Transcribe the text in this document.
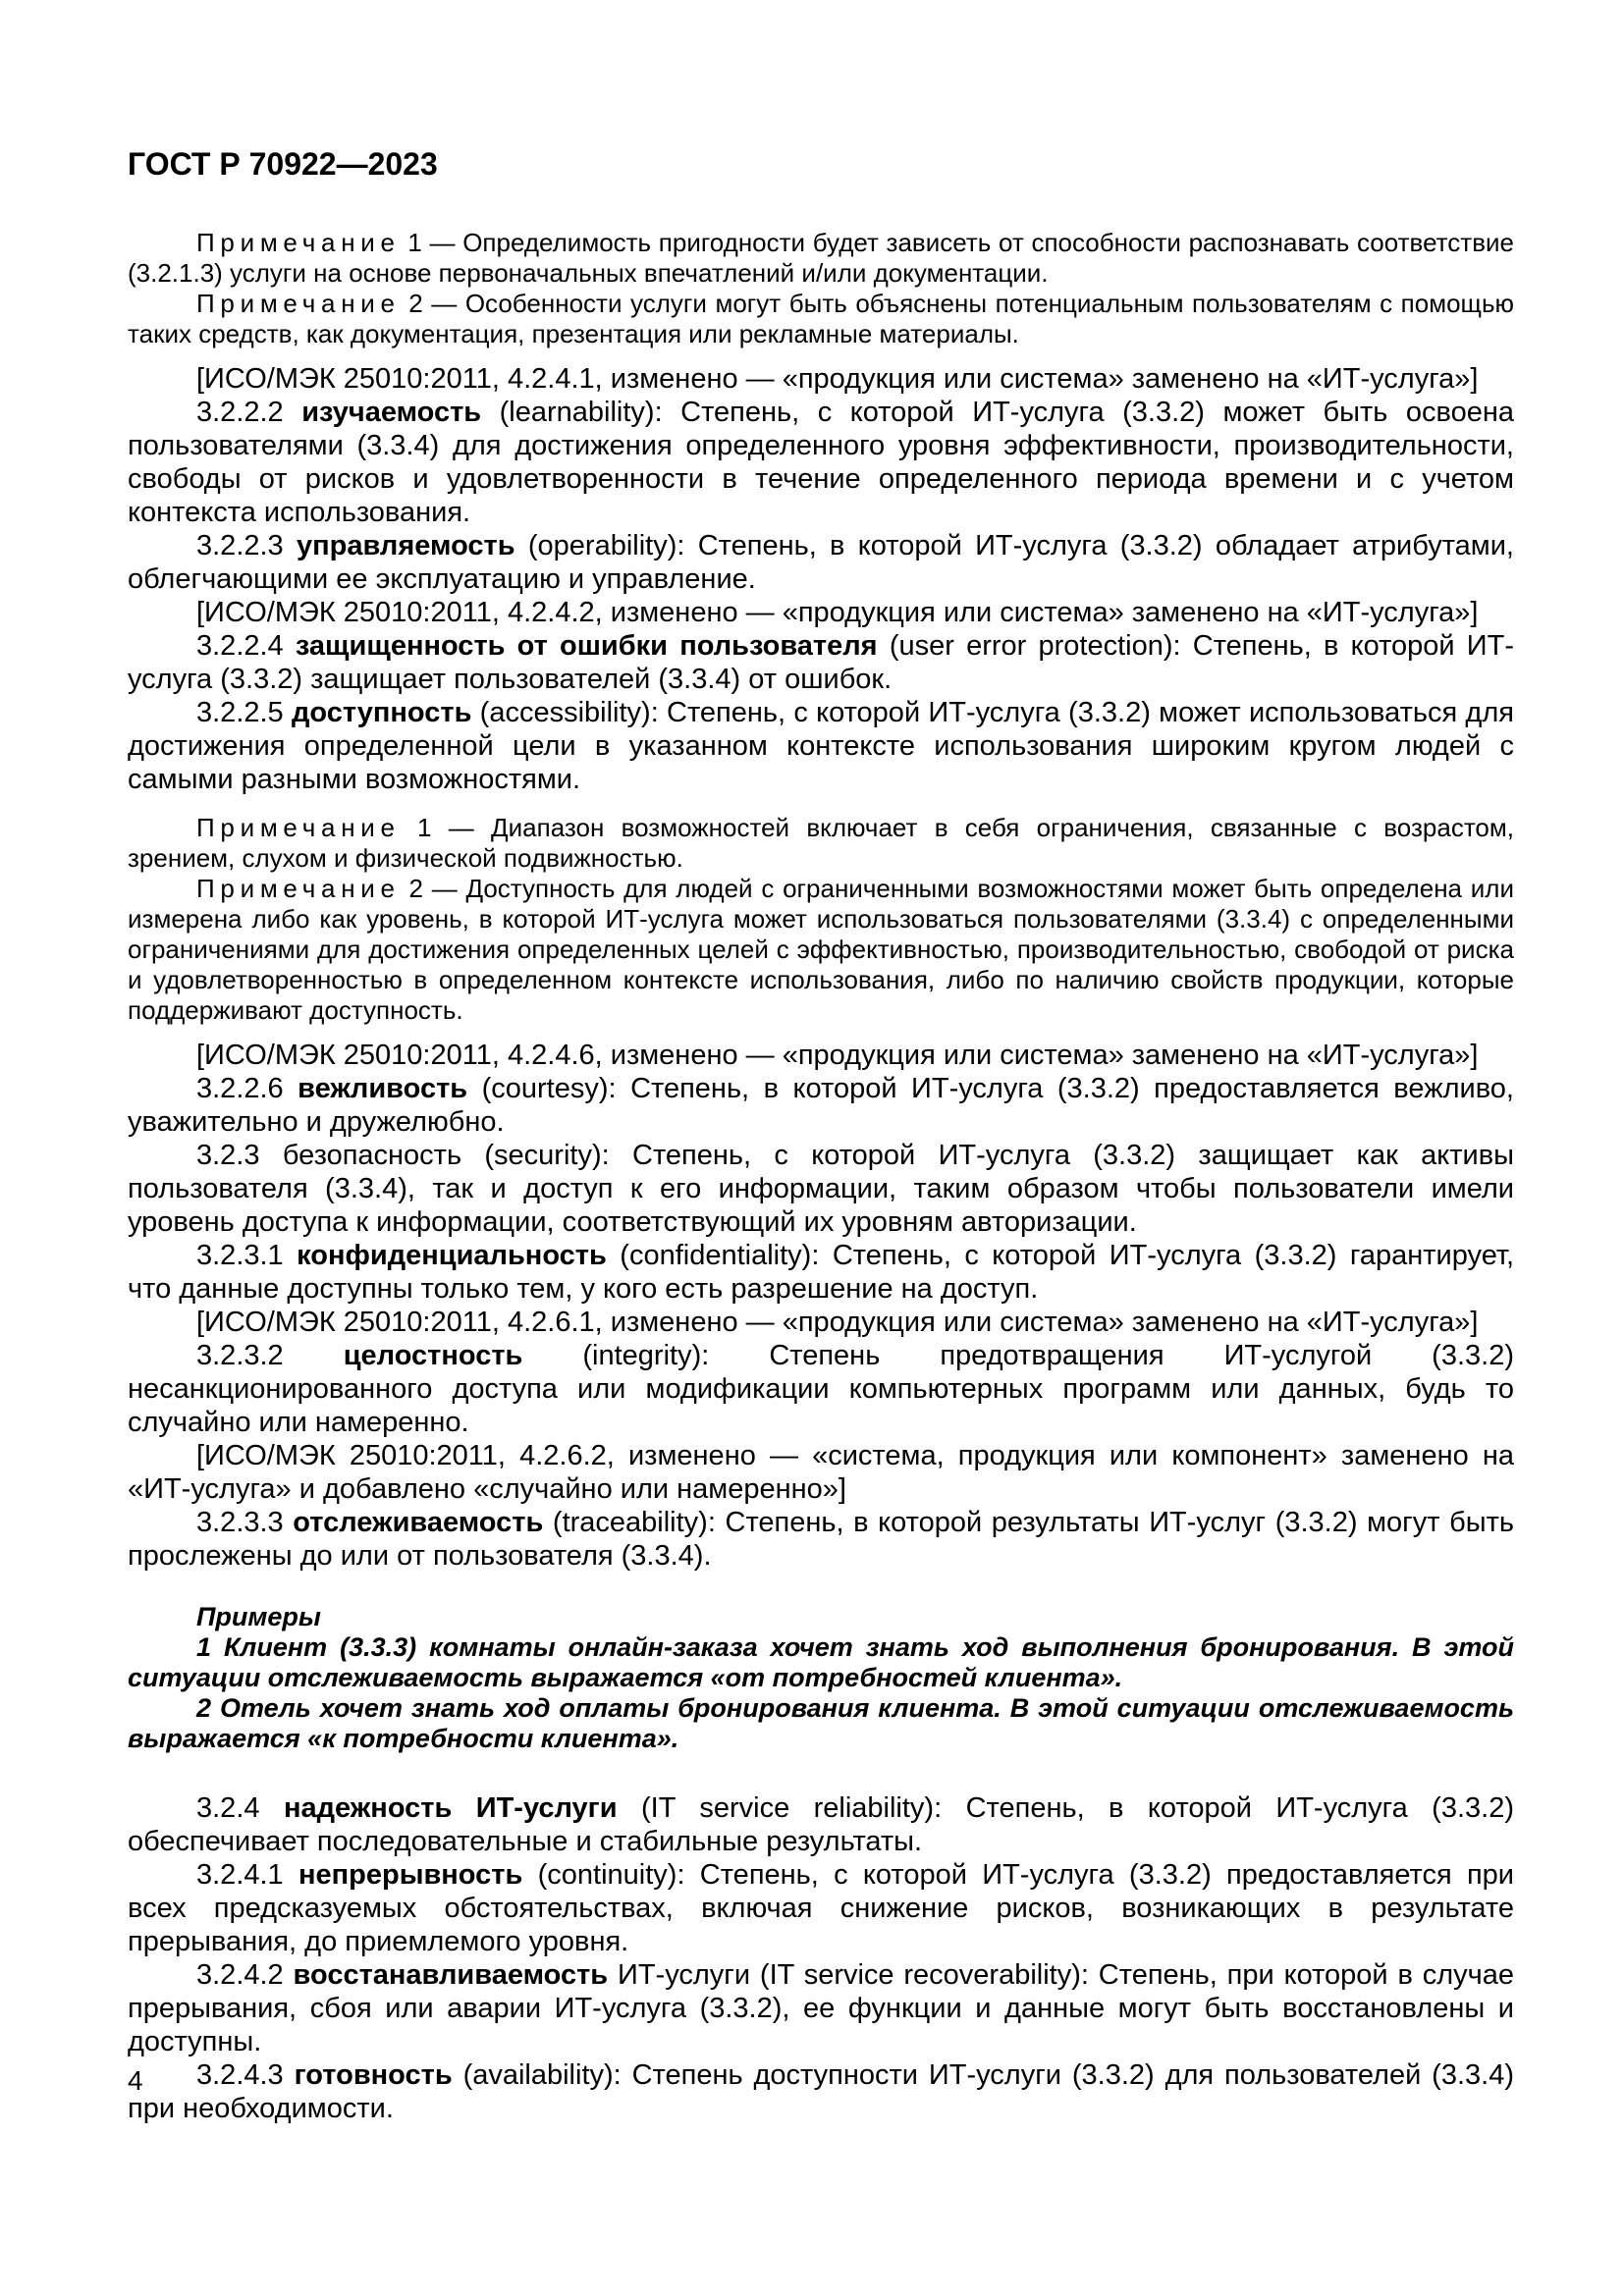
ГОСТ Р 70922—2023

Примечание 1 — Определимость пригодности будет зависеть от способности распознавать соответствие (3.2.1.3) услуги на основе первоначальных впечатлений и/или документации.

Примечание 2 — Особенности услуги могут быть объяснены потенциальным пользователям с помощью таких средств, как документация, презентация или рекламные материалы.

[ИСО/МЭК 25010:2011, 4.2.4.1, изменено — «продукция или система» заменено на «ИТ-услуга»]

3.2.2.2 изучаемость (learnability): Степень, с которой ИТ-услуга (3.3.2) может быть освоена пользователями (3.3.4) для достижения определенного уровня эффективности, производительности, свободы от рисков и удовлетворенности в течение определенного периода времени и с учетом контекста использования.

3.2.2.3 управляемость (operability): Степень, в которой ИТ-услуга (3.3.2) обладает атрибутами, облегчающими ее эксплуатацию и управление.

[ИСО/МЭК 25010:2011, 4.2.4.2, изменено — «продукция или система» заменено на «ИТ-услуга»]

3.2.2.4 защищенность от ошибки пользователя (user error protection): Степень, в которой ИТ-услуга (3.3.2) защищает пользователей (3.3.4) от ошибок.

3.2.2.5 доступность (accessibility): Степень, с которой ИТ-услуга (3.3.2) может использоваться для достижения определенной цели в указанном контексте использования широким кругом людей с самыми разными возможностями.

Примечание 1 — Диапазон возможностей включает в себя ограничения, связанные с возрастом, зрением, слухом и физической подвижностью.

Примечание 2 — Доступность для людей с ограниченными возможностями может быть определена или измерена либо как уровень, в которой ИТ-услуга может использоваться пользователями (3.3.4) с определенными ограничениями для достижения определенных целей с эффективностью, производительностью, свободой от риска и удовлетворенностью в определенном контексте использования, либо по наличию свойств продукции, которые поддерживают доступность.

[ИСО/МЭК 25010:2011, 4.2.4.6, изменено — «продукция или система» заменено на «ИТ-услуга»]

3.2.2.6 вежливость (courtesy): Степень, в которой ИТ-услуга (3.3.2) предоставляется вежливо, уважительно и дружелюбно.

3.2.3 безопасность (security): Степень, с которой ИТ-услуга (3.3.2) защищает как активы пользователя (3.3.4), так и доступ к его информации, таким образом чтобы пользователи имели уровень доступа к информации, соответствующий их уровням авторизации.

3.2.3.1 конфиденциальность (confidentiality): Степень, с которой ИТ-услуга (3.3.2) гарантирует, что данные доступны только тем, у кого есть разрешение на доступ.

[ИСО/МЭК 25010:2011, 4.2.6.1, изменено — «продукция или система» заменено на «ИТ-услуга»]

3.2.3.2 целостность (integrity): Степень предотвращения ИТ-услугой (3.3.2) несанкционированного доступа или модификации компьютерных программ или данных, будь то случайно или намеренно.

[ИСО/МЭК 25010:2011, 4.2.6.2, изменено — «система, продукция или компонент» заменено на «ИТ-услуга» и добавлено «случайно или намеренно»]

3.2.3.3 отслеживаемость (traceability): Степень, в которой результаты ИТ-услуг (3.3.2) могут быть прослежены до или от пользователя (3.3.4).

Примеры

1 Клиент (3.3.3) комнаты онлайн-заказа хочет знать ход выполнения бронирования. В этой ситуации отслеживаемость выражается «от потребностей клиента».

2 Отель хочет знать ход оплаты бронирования клиента. В этой ситуации отслеживаемость выражается «к потребности клиента».

3.2.4 надежность ИТ-услуги (IT service reliability): Степень, в которой ИТ-услуга (3.3.2) обеспечивает последовательные и стабильные результаты.

3.2.4.1 непрерывность (continuity): Степень, с которой ИТ-услуга (3.3.2) предоставляется при всех предсказуемых обстоятельствах, включая снижение рисков, возникающих в результате прерывания, до приемлемого уровня.

3.2.4.2 восстанавливаемость ИТ-услуги (IT service recoverability): Степень, при которой в случае прерывания, сбоя или аварии ИТ-услуга (3.3.2), ее функции и данные могут быть восстановлены и доступны.

3.2.4.3 готовность (availability): Степень доступности ИТ-услуги (3.3.2) для пользователей (3.3.4) при необходимости.

4
